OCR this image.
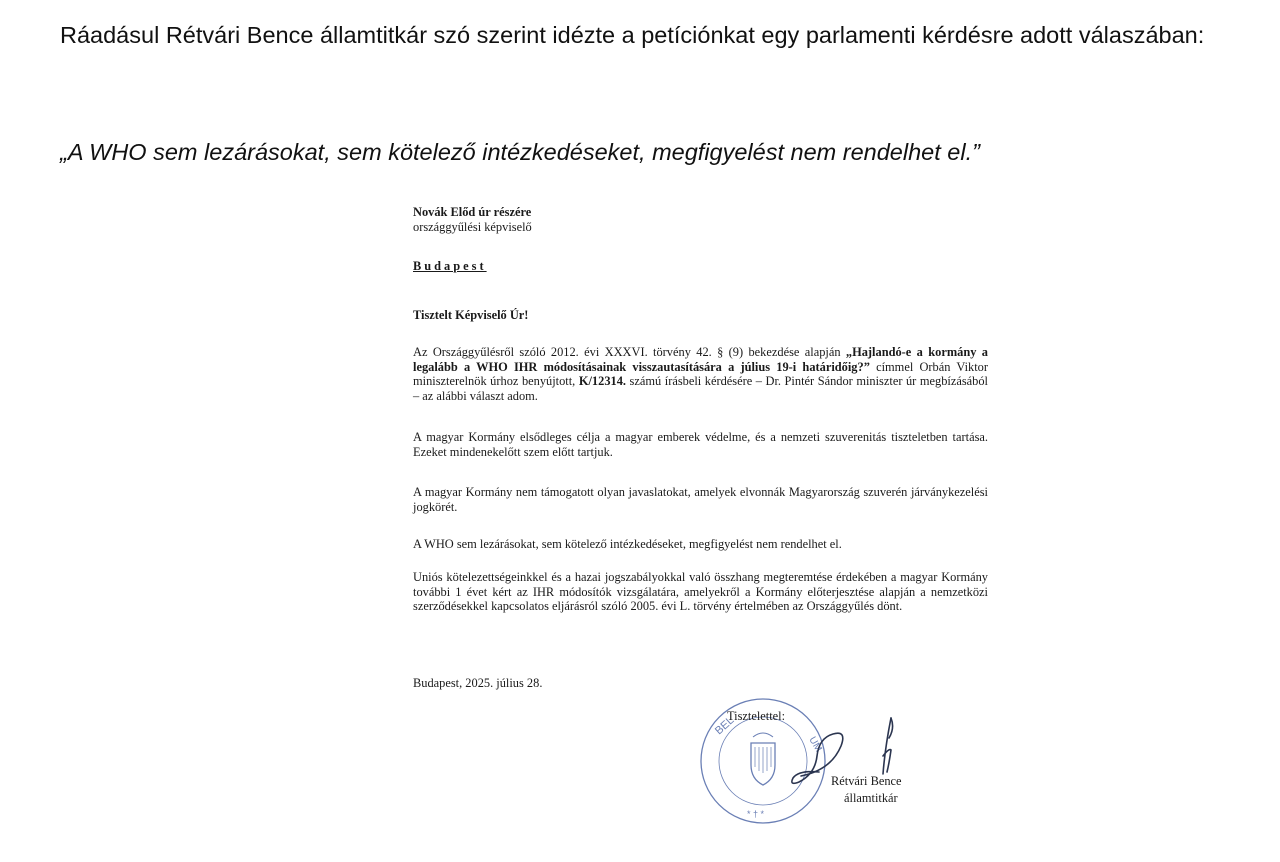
Ráadásul Rétvári Bence államtitkár szó szerint idézte a petíciónkat egy parlamenti kérdésre adott válaszában:

„A WHO sem lezárásokat, sem kötelező intézkedéseket, megfigyelést nem rendelhet el.”

Novák Előd úr részére
országgyűlési képviselő
Budapest
Tisztelt Képviselő Úr!

Az Országgyűlésről szóló 2012. évi XXXVI. törvény 42. § (9) bekezdése alapján „Hajlandó-e a kormány a legalább a WHO IHR módosításainak visszautasítására a július 19-i határidőig?” címmel Orbán Viktor miniszterelnök úrhoz benyújtott, K/12314. számú írásbeli kérdésére – Dr. Pintér Sándor miniszter úr megbízásából – az alábbi választ adom.

A magyar Kormány elsődleges célja a magyar emberek védelme, és a nemzeti szuverenitás tiszteletben tartása. Ezeket mindenekelőtt szem előtt tartjuk.

A magyar Kormány nem támogatott olyan javaslatokat, amelyek elvonnák Magyarország szuverén járványkezelési jogkörét.

A WHO sem lezárásokat, sem kötelező intézkedéseket, megfigyelést nem rendelhet el.

Uniós kötelezettségeinkkel és a hazai jogszabályokkal való összhang megteremtése érdekében a magyar Kormány további 1 évet kért az IHR módosítók vizsgálatára, amelyekről a Kormány előterjesztése alapján a nemzetközi szerződésekkel kapcsolatos eljárásról szóló 2005. évi L. törvény értelmében az Országgyűlés dönt.

Budapest, 2025. július 28.
BEL
UM
* † *
Tisztelettel:
Rétvári Bence
államtitkár
